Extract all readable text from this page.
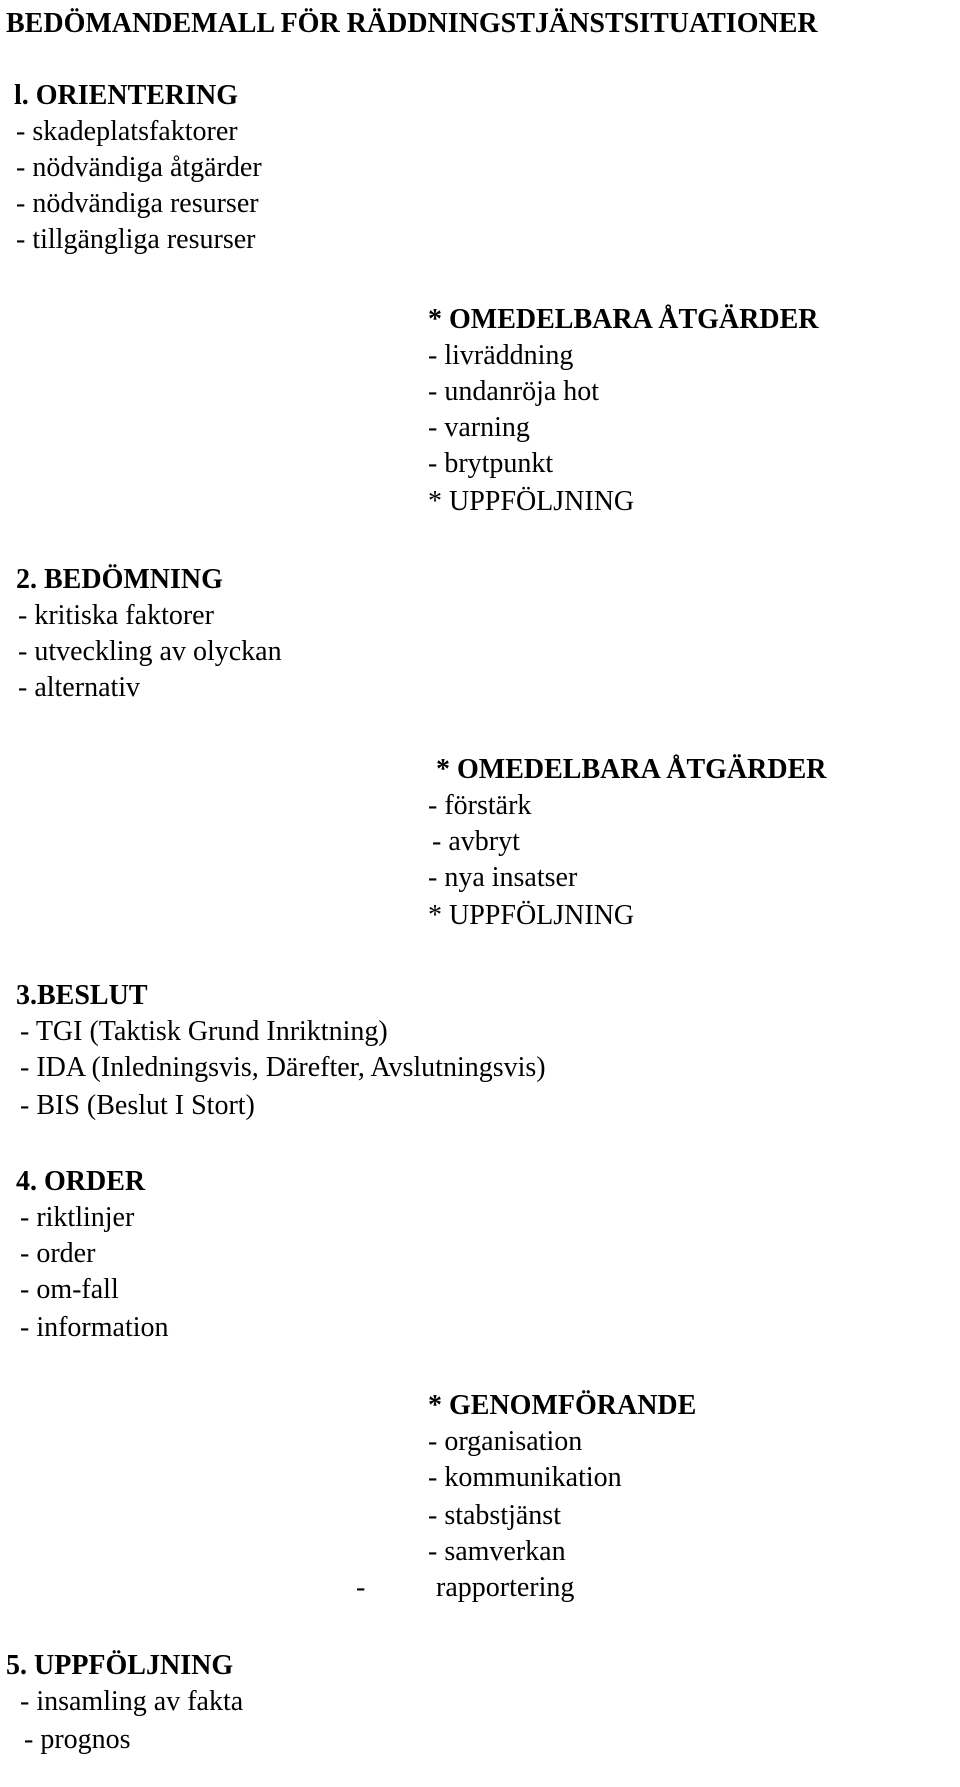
BEDÖMANDEMALL FÖR RÄDDNINGSTJÄNSTSITUATIONER
l. ORIENTERING
- skadeplatsfaktorer
- nödvändiga åtgärder
- nödvändiga resurser
- tillgängliga resurser
* OMEDELBARA ÅTGÄRDER
- livräddning
- undanröja hot
- varning
- brytpunkt
* UPPFÖLJNING
2. BEDÖMNING
- kritiska faktorer
- utveckling av olyckan
- alternativ
* OMEDELBARA ÅTGÄRDER
- förstärk
- avbryt
- nya insatser
* UPPFÖLJNING
3.BESLUT
- TGI (Taktisk Grund Inriktning)
- IDA (Inledningsvis, Därefter, Avslutningsvis)
- BIS (Beslut I Stort)
4. ORDER
- riktlinjer
- order
- om-fall
- information
* GENOMFÖRANDE
- organisation
- kommunikation
- stabstjänst
- samverkan
-	rapportering
5. UPPFÖLJNING
- insamling av fakta
- prognos
